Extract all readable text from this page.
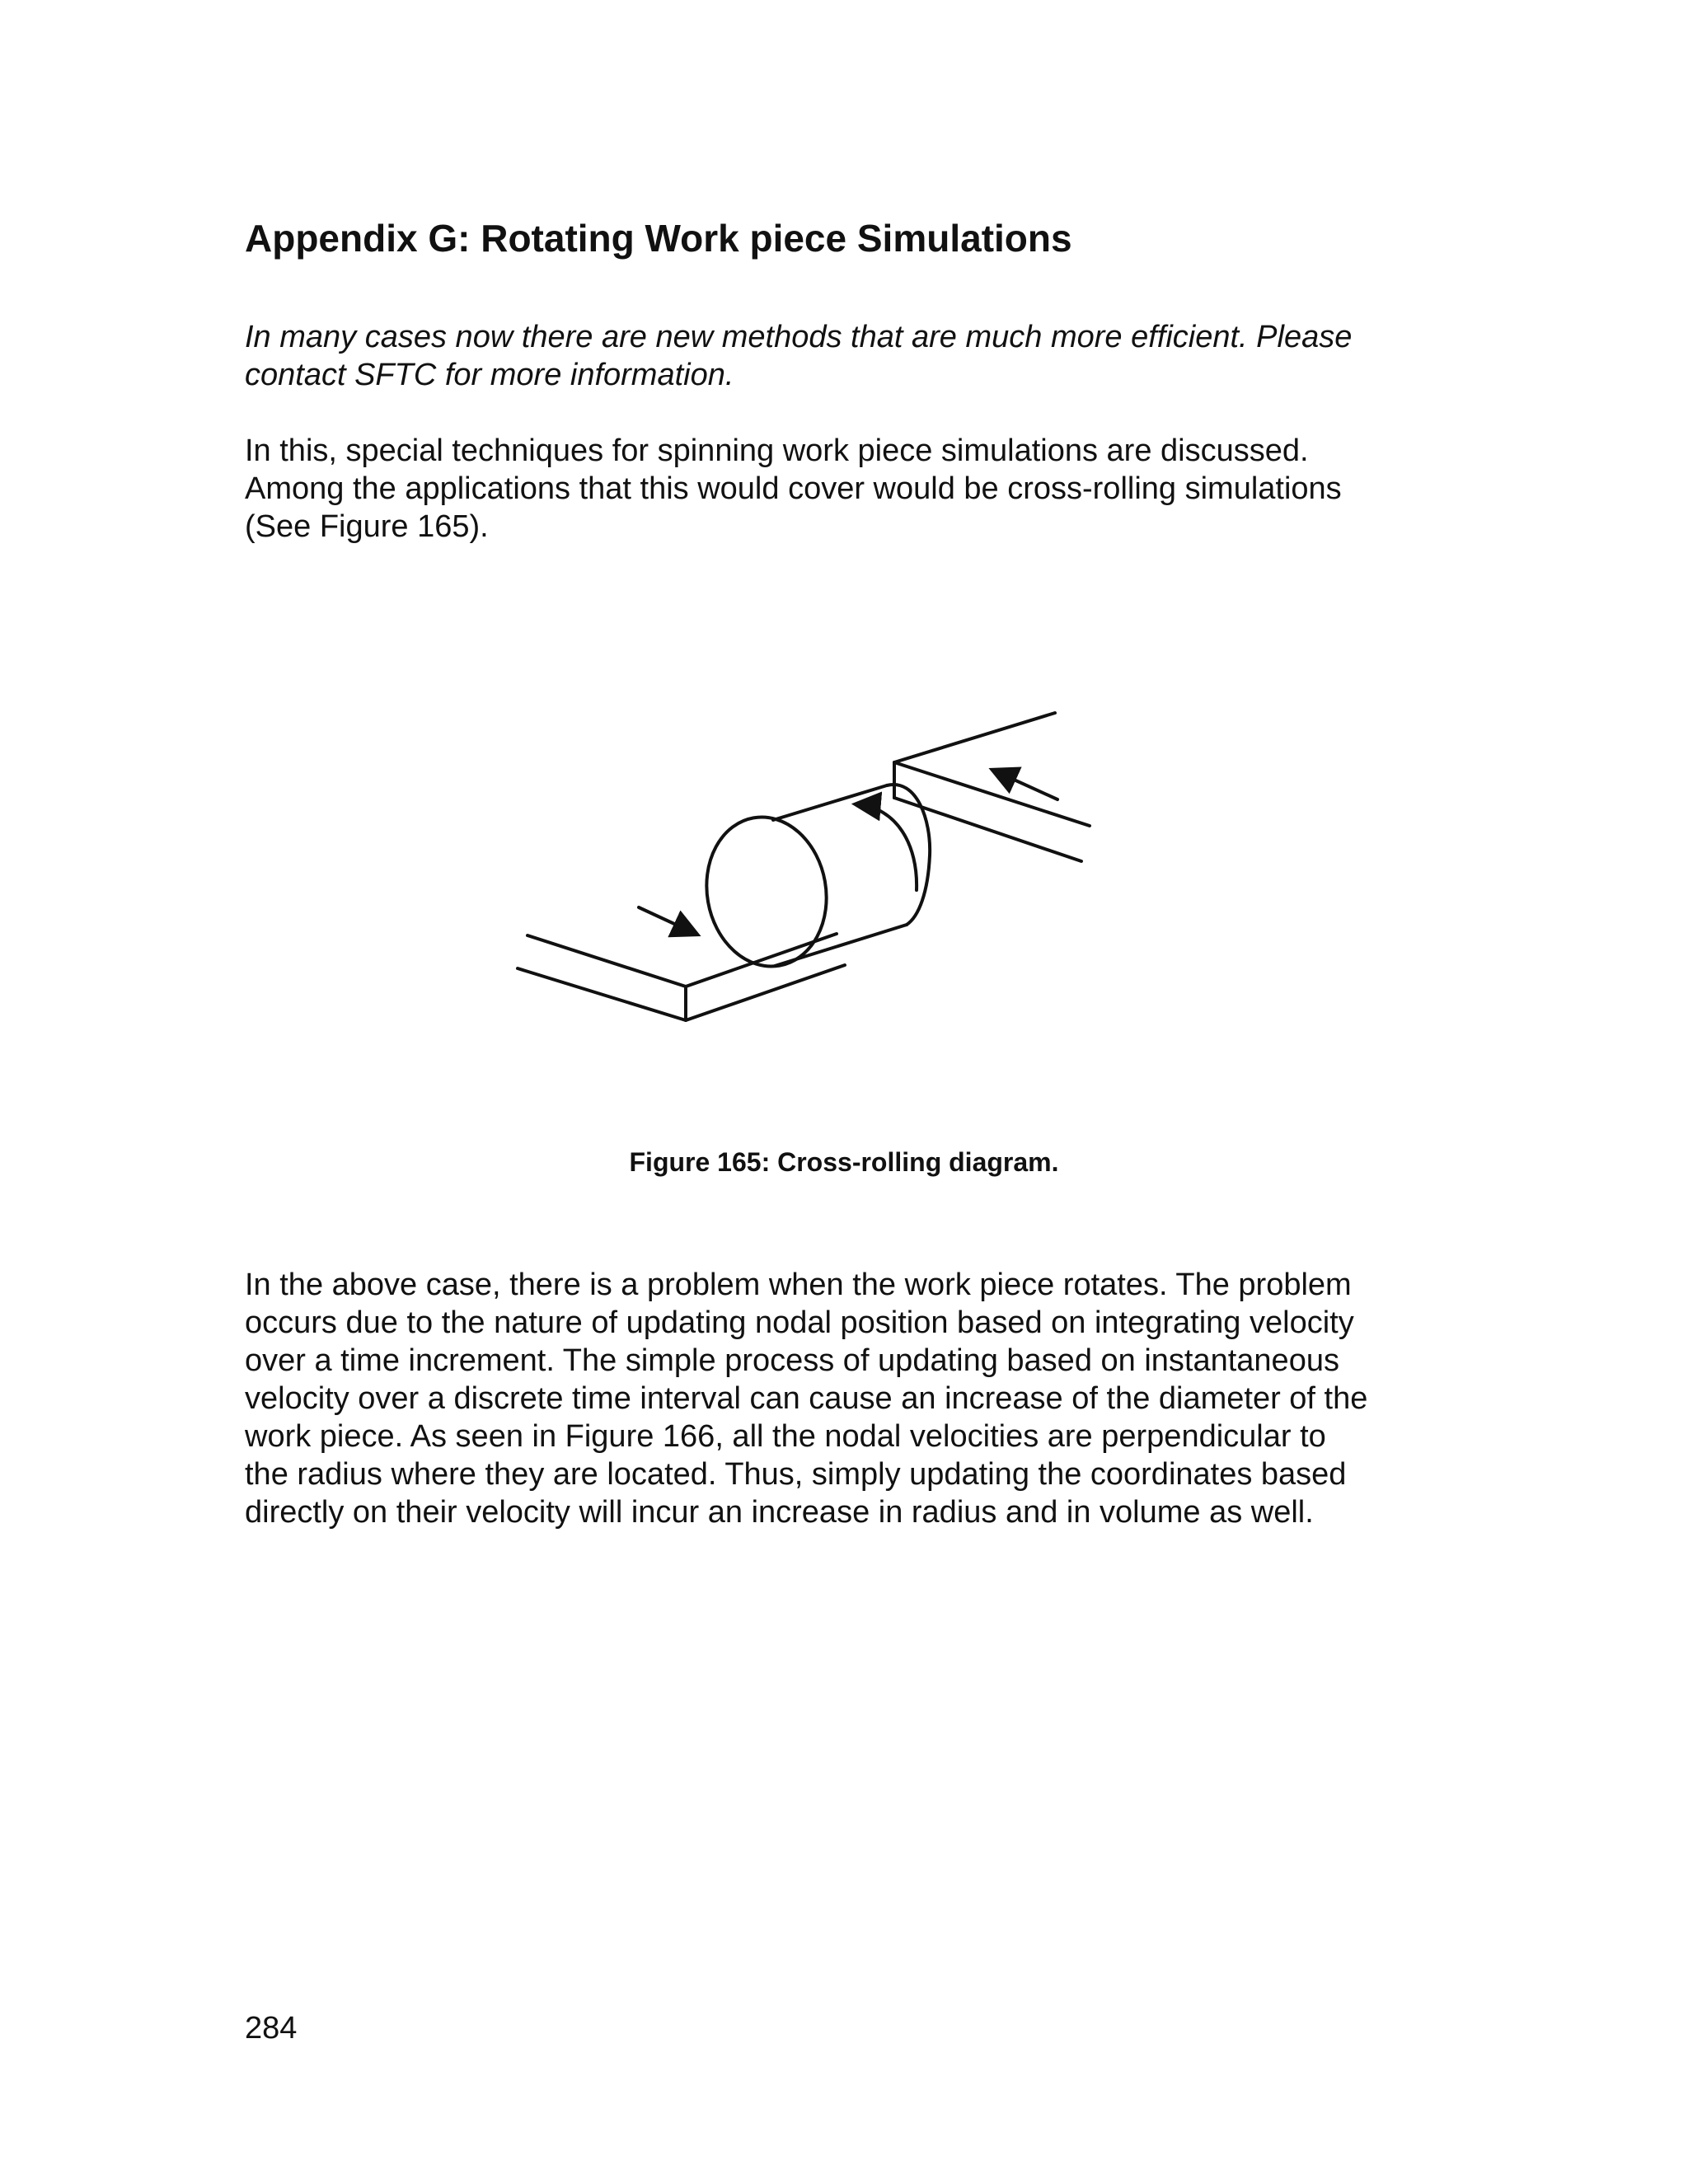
Appendix G: Rotating Work piece Simulations
In many cases now there are new methods that are much more efficient. Please
contact SFTC for more information.
In this, special techniques for spinning work piece simulations are discussed.
Among the applications that this would cover would be cross-rolling simulations
(See Figure 165).
Figure 165: Cross-rolling diagram.
In the above case, there is a problem when the work piece rotates. The problem
occurs due to the nature of updating nodal position based on integrating velocity
over a time increment. The simple process of updating based on instantaneous
velocity over a discrete time interval can cause an increase of the diameter of the
work piece. As seen in Figure 166, all the nodal velocities are perpendicular to
the radius where they are located. Thus, simply updating the coordinates based
directly on their velocity will incur an increase in radius and in volume as well.
284
